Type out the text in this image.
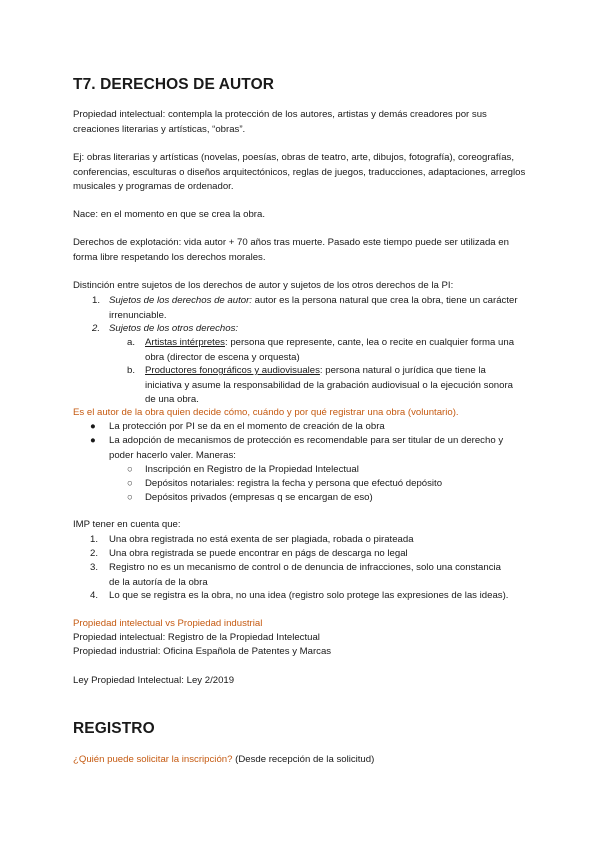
T7. DERECHOS DE AUTOR

Propiedad intelectual: contempla la protección de los autores, artistas y demás creadores por sus creaciones literarias y artísticas, “obras”.

Ej: obras literarias y artísticas (novelas, poesías, obras de teatro, arte, dibujos, fotografía), coreografías, conferencias, esculturas o diseños arquitectónicos, reglas de juegos, traducciones, adaptaciones, arreglos musicales y programas de ordenador.

Nace: en el momento en que se crea la obra.

Derechos de explotación: vida autor + 70 años tras muerte. Pasado este tiempo puede ser utilizada en forma libre respetando los derechos morales.

Distinción entre sujetos de los derechos de autor y sujetos de los otros derechos de la PI:

1. Sujetos de los derechos de autor: autor es la persona natural que crea la obra, tiene un carácter irrenunciable.
2. Sujetos de los otros derechos:
a. Artistas intérpretes: persona que represente, cante, lea o recite en cualquier forma una obra (director de escena y orquesta)
b. Productores fonográficos y audiovisuales: persona natural o jurídica que tiene la iniciativa y asume la responsabilidad de la grabación audiovisual o la ejecución sonora de una obra.

Es el autor de la obra quien decide cómo, cuándo y por qué registrar una obra (voluntario).

● La protección por PI se da en el momento de creación de la obra
● La adopción de mecanismos de protección es recomendable para ser titular de un derecho y poder hacerlo valer. Maneras:
○ Inscripción en Registro de la Propiedad Intelectual
○ Depósitos notariales: registra la fecha y persona que efectuó depósito
○ Depósitos privados (empresas q se encargan de eso)

IMP tener en cuenta que:

1. Una obra registrada no está exenta de ser plagiada, robada o pirateada
2. Una obra registrada se puede encontrar en págs de descarga no legal
3. Registro no es un mecanismo de control o de denuncia de infracciones, solo una constancia de la autoría de la obra
4. Lo que se registra es la obra, no una idea (registro solo protege las expresiones de las ideas).

Propiedad intelectual vs Propiedad industrial

Propiedad intelectual: Registro de la Propiedad Intelectual

Propiedad industrial: Oficina Española de Patentes y Marcas

Ley Propiedad Intelectual: Ley 2/2019

REGISTRO

¿Quién puede solicitar la inscripción? (Desde recepción de la solicitud)
